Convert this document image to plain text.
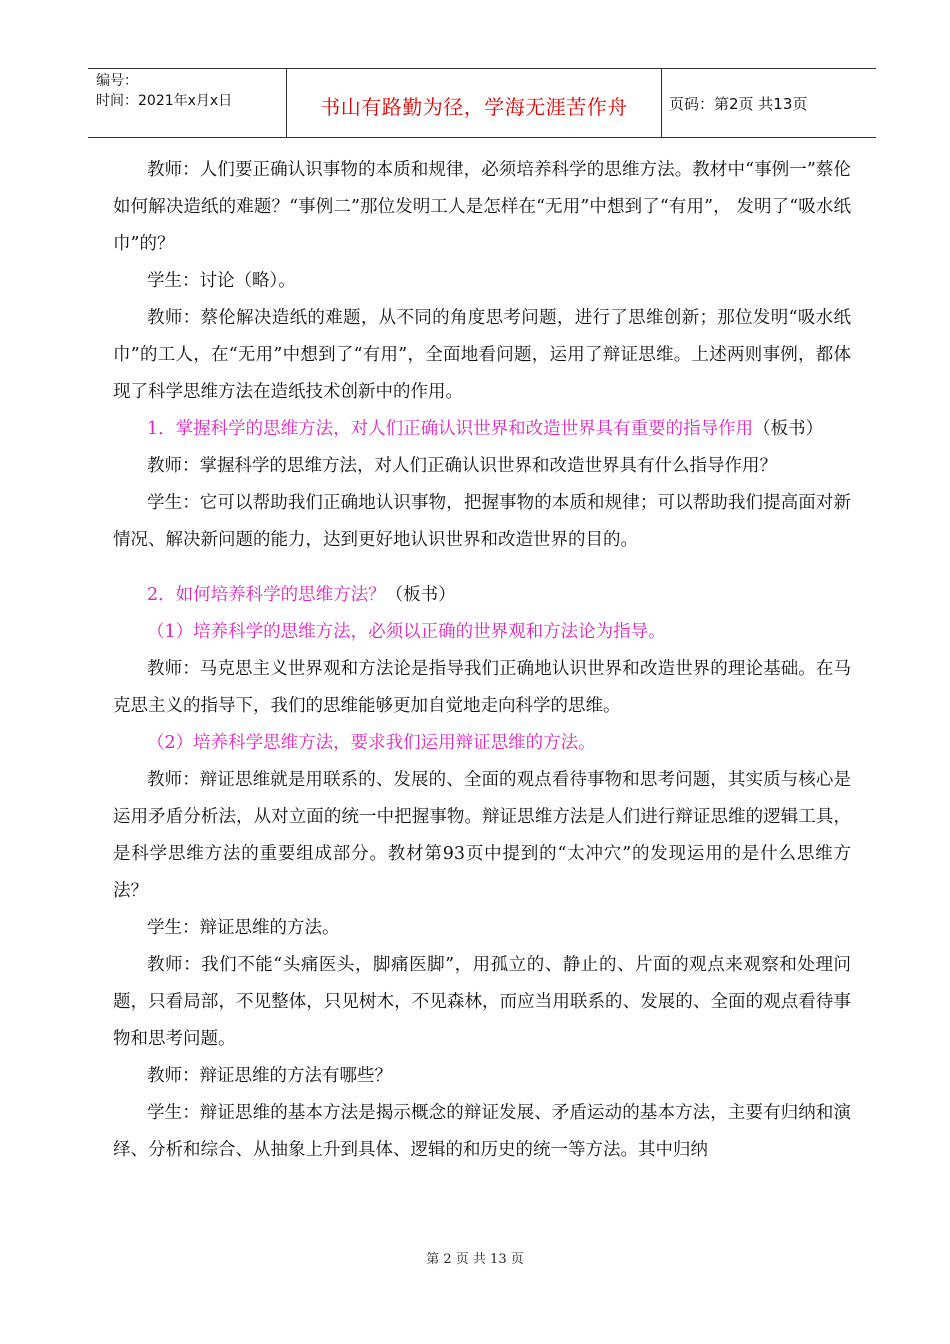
编号：
时间：2021年x月x日	书山有路勤为径，学海无涯苦作舟	页码：第2页 共13页

教师：人们要正确认识事物的本质和规律，必须培养科学的思维方法。教材中“事例一”蔡伦如何解决造纸的难题？“事例二”那位发明工人是怎样在“无用”中想到了“有用”， 发明了“吸水纸巾”的？

学生：讨论（略）。

教师：蔡伦解决造纸的难题，从不同的角度思考问题，进行了思维创新；那位发明“吸水纸巾”的工人，在“无用”中想到了“有用”，全面地看问题，运用了辩证思维。上述两则事例，都体现了科学思维方法在造纸技术创新中的作用。

1．掌握科学的思维方法，对人们正确认识世界和改造世界具有重要的指导作用（板书）

教师：掌握科学的思维方法，对人们正确认识世界和改造世界具有什么指导作用？

学生：它可以帮助我们正确地认识事物，把握事物的本质和规律；可以帮助我们提高面对新情况、解决新问题的能力，达到更好地认识世界和改造世界的目的。

2．如何培养科学的思维方法？（板书）

（1）培养科学的思维方法，必须以正确的世界观和方法论为指导。

教师：马克思主义世界观和方法论是指导我们正确地认识世界和改造世界的理论基础。在马克思主义的指导下，我们的思维能够更加自觉地走向科学的思维。

（2）培养科学思维方法，要求我们运用辩证思维的方法。

教师：辩证思维就是用联系的、发展的、全面的观点看待事物和思考问题，其实质与核心是运用矛盾分析法，从对立面的统一中把握事物。辩证思维方法是人们进行辩证思维的逻辑工具，是科学思维方法的重要组成部分。教材第93页中提到的“太冲穴”的发现运用的是什么思维方法？

学生：辩证思维的方法。

教师：我们不能“头痛医头，脚痛医脚”，用孤立的、静止的、片面的观点来观察和处理问题，只看局部，不见整体，只见树木，不见森林，而应当用联系的、发展的、全面的观点看待事物和思考问题。

教师：辩证思维的方法有哪些？

学生：辩证思维的基本方法是揭示概念的辩证发展、矛盾运动的基本方法，主要有归纳和演绎、分析和综合、从抽象上升到具体、逻辑的和历史的统一等方法。其中归纳

第 2 页 共 13 页
